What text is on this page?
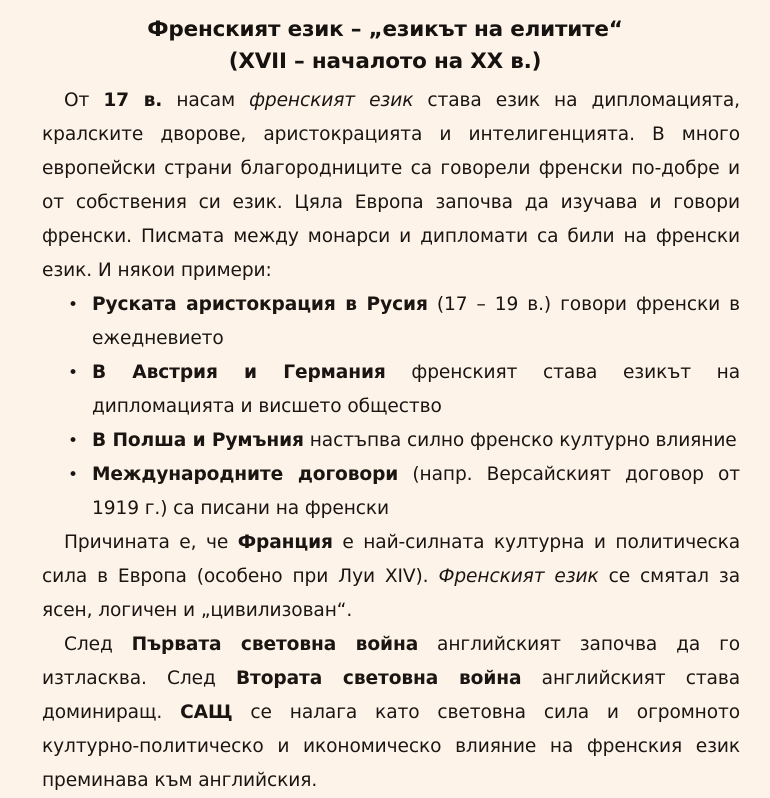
Френският език – „езикът на елитите“
(XVII – началото на XX в.)

От 17 в. насам френският език става език на дипломацията, кралските дворове, аристокрацията и интелигенцията. В много европейски страни благородниците са говорели френски по-добре и от собствения си език. Цяла Европа започва да изучава и говори френски. Писмата между монарси и дипломати са били на френски език. И някои примери:

• Руската аристокрация в Русия (17 – 19 в.) говори френски в ежедневието
• В Австрия и Германия френският става езикът на дипломацията и висшето общество
• В Полша и Румъния настъпва силно френско културно влияние
• Международните договори (напр. Версайският договор от 1919 г.) са писани на френски

Причината е, че Франция е най-силната културна и политическа сила в Европа (особено при Луи XIV). Френският език се смятал за ясен, логичен и „цивилизован“.

След Първата световна война английският започва да го изтласква. След Втората световна война английският става доминиращ. САЩ се налага като световна сила и огромното културно-политическо и икономическо влияние на френския език преминава към английския.
